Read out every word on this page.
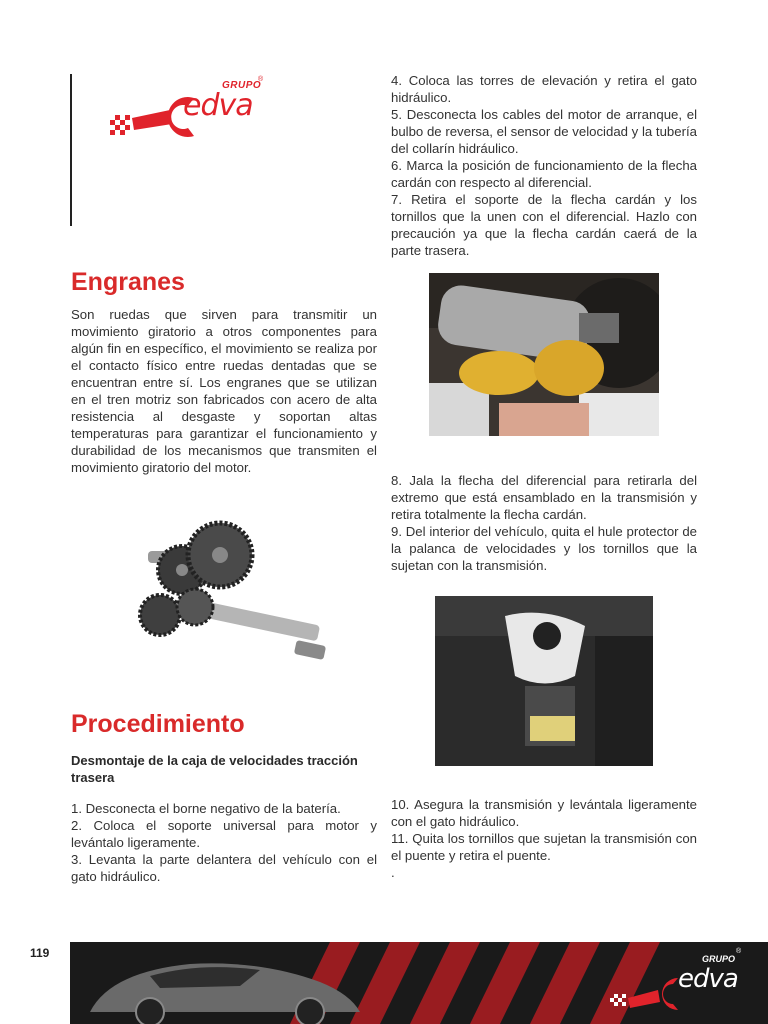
GRUPO
®
edva
Engranes
Son ruedas que sirven para transmitir un movimiento giratorio a otros componentes para algún fin en específico, el movimiento se realiza por el contacto físico entre ruedas dentadas que se encuentran entre sí. Los engranes que se utilizan en el tren motriz son fabricados con acero de alta resistencia al desgaste y soportan altas temperaturas para garantizar el funcionamiento y durabilidad de los mecanismos que transmiten el movimiento giratorio del motor.
Procedimiento
Desmontaje de la caja de velocidades tracción trasera

1. Desconecta el borne negativo de la batería.

2. Coloca el soporte universal para motor y levántalo ligeramente.

3. Levanta la parte delantera del vehículo con el gato hidráulico.

4. Coloca las torres de elevación y retira el gato hidráulico.

5. Desconecta los cables del motor de arranque, el bulbo de reversa, el sensor de velocidad y la tubería del collarín hidráulico.

6. Marca la posición de funcionamiento de la flecha cardán con respecto al diferencial.

7. Retira el soporte de la flecha cardán y los tornillos que la unen con el diferencial. Hazlo con precaución ya que la flecha cardán caerá de la parte trasera.

8. Jala la flecha del diferencial para retirarla del extremo que está ensamblado en la transmisión y retira totalmente la flecha cardán.

9. Del interior del vehículo, quita el hule protector de la palanca de velocidades y los tornillos que la sujetan con la transmisión.

10. Asegura la transmisión y levántala ligeramente con el gato hidráulico.

11. Quita los tornillos que sujetan la transmisión con el puente y retira el puente.

.

119	GRUPO
®
edva
